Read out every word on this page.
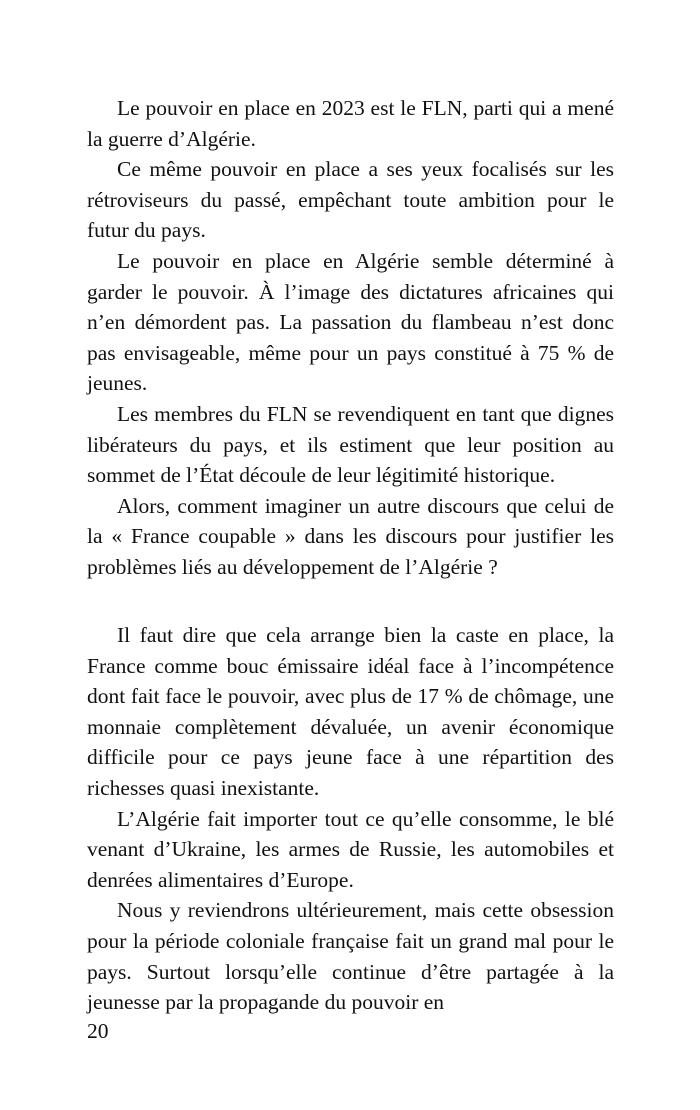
Le pouvoir en place en 2023 est le FLN, parti qui a mené la guerre d’Algérie.

Ce même pouvoir en place a ses yeux focalisés sur les rétroviseurs du passé, empêchant toute ambition pour le futur du pays.

Le pouvoir en place en Algérie semble déterminé à garder le pouvoir. À l’image des dictatures africaines qui n’en démordent pas. La passation du flambeau n’est donc pas envisageable, même pour un pays constitué à 75 % de jeunes.

Les membres du FLN se revendiquent en tant que dignes libérateurs du pays, et ils estiment que leur position au sommet de l’État découle de leur légitimité historique.

Alors, comment imaginer un autre discours que celui de la « France coupable » dans les discours pour justifier les problèmes liés au développement de l’Algérie ?

Il faut dire que cela arrange bien la caste en place, la France comme bouc émissaire idéal face à l’incompétence dont fait face le pouvoir, avec plus de 17 % de chômage, une monnaie complètement dévaluée, un avenir économique difficile pour ce pays jeune face à une répartition des richesses quasi inexistante.

L’Algérie fait importer tout ce qu’elle consomme, le blé venant d’Ukraine, les armes de Russie, les automobiles et denrées alimentaires d’Europe.

Nous y reviendrons ultérieurement, mais cette obsession pour la période coloniale française fait un grand mal pour le pays. Surtout lorsqu’elle continue d’être partagée à la jeunesse par la propagande du pouvoir en

20
